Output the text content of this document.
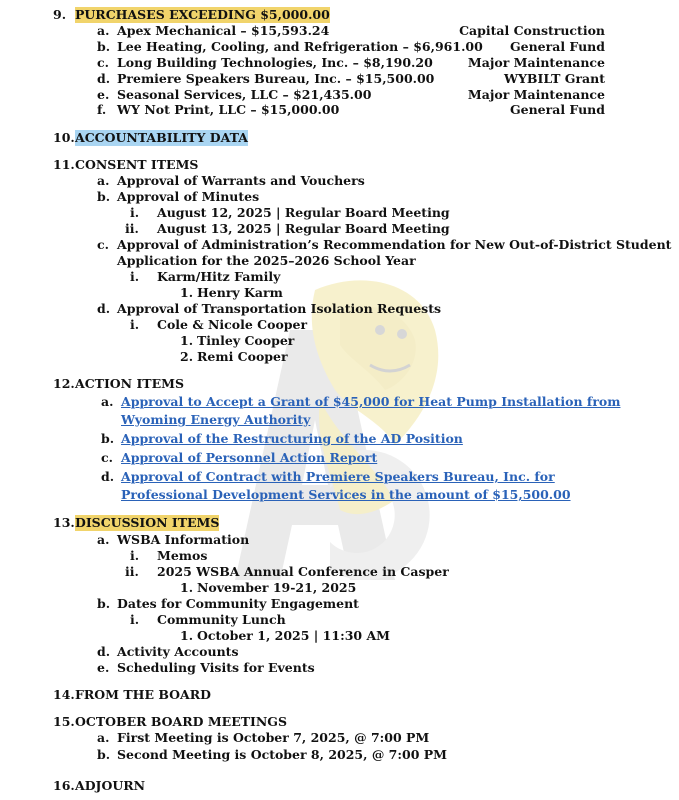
9. PURCHASES EXCEEDING $5,000.00
a. Apex Mechanical – $15,593.24	Capital Construction
b. Lee Heating, Cooling, and Refrigeration – $6,961.00 General Fund
c. Long Building Technologies, Inc. – $8,190.20	Major Maintenance
d. Premiere Speakers Bureau, Inc. – $15,500.00	WYBILT Grant
e. Seasonal Services, LLC – $21,435.00	Major Maintenance
f. WY Not Print, LLC – $15,000.00	General Fund
10. ACCOUNTABILITY DATA
11. CONSENT ITEMS
a. Approval of Warrants and Vouchers
b. Approval of Minutes
i. August 12, 2025 | Regular Board Meeting
ii. August 13, 2025 | Regular Board Meeting
c. Approval of Administration’s Recommendation for New Out-of-District Student
Application for the 2025–2026 School Year
i. Karm/Hitz Family
1. Henry Karm
d. Approval of Transportation Isolation Requests
i. Cole & Nicole Cooper
1. Tinley Cooper
2. Remi Cooper
12. ACTION ITEMS
a. Approval to Accept a Grant of $45,000 for Heat Pump Installation from
Wyoming Energy Authority
b. Approval of the Restructuring of the AD Position
c. Approval of Personnel Action Report
d. Approval of Contract with Premiere Speakers Bureau, Inc. for
Professional Development Services in the amount of $15,500.00
13. DISCUSSION ITEMS
a. WSBA Information
i. Memos
ii. 2025 WSBA Annual Conference in Casper
1. November 19-21, 2025
b. Dates for Community Engagement
i. Community Lunch
1. October 1, 2025 | 11:30 AM
d. Activity Accounts
e. Scheduling Visits for Events
14. FROM THE BOARD
15. OCTOBER BOARD MEETINGS
a. First Meeting is October 7, 2025, @ 7:00 PM
b. Second Meeting is October 8, 2025, @ 7:00 PM
16. ADJOURN
